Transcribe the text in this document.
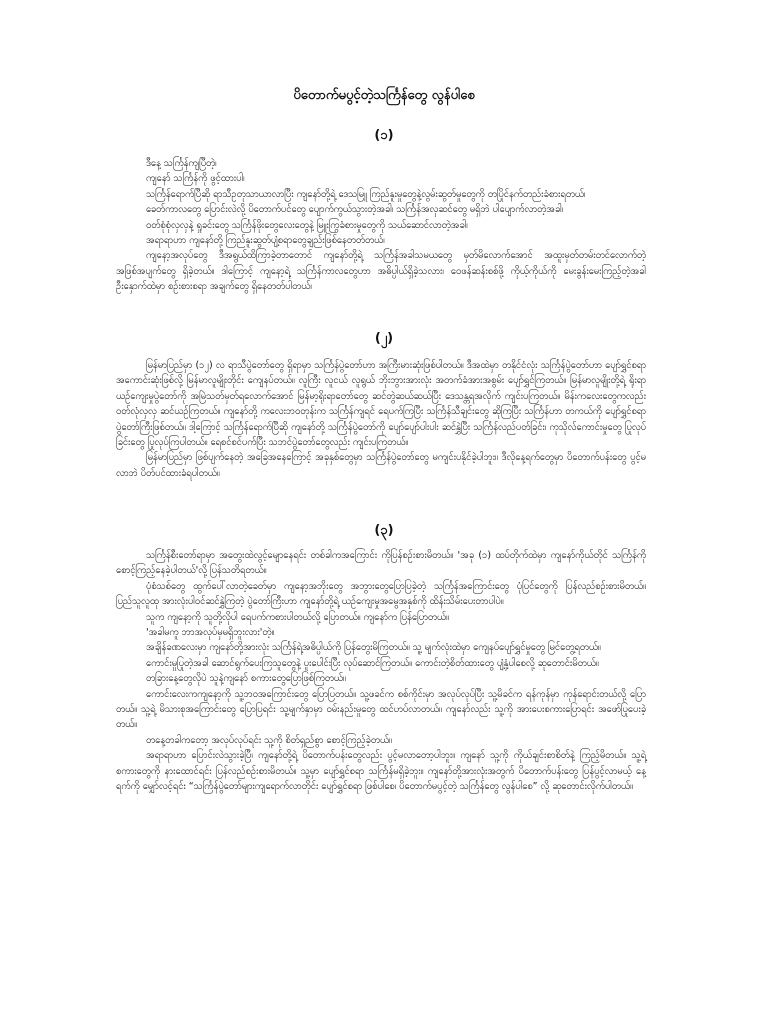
ပိတောက်မပွင့်တဲ့သင်္ကြန်တွေ လွန်ပါစေ
(၁)

ဒီနေ့ သင်္ကြန်ကျပြီတဲ့၊

ကျနော် သင်္ကြန်ကို ဖွင့်ထားပါ၊

သင်္ကြန်ရောက်ပြီဆို ရာသီဥတုသာယာလာပြီး ကျနော်တို့ရဲ့ ဒေသမြူ ကြည်နူးမှုတွေနဲ့လွမ်းဆွတ်မှုတွေကို တပြိုင်နက်တည်းခံစားရတယ်၊

ခေတ်ကာလတွေ ပြောင်းလဲလို့ ပိတောက်ပင်တွေ ပျောက်ကွယ်သွားတဲ့အခါ၊ သင်္ကြန်အလှဆင်တွေ မရှိဘဲ ပါပျောက်လာတဲ့အခါ၊

ဝတ်စုံစုံလှလှနဲ့ ရှုခင်းတွေ သင်္ကြန်ဖိုးတွေလေးတွေနဲ့ မြူးကြွခံစားမှုတွေကို သယ်ဆောင်လာတဲ့အခါ၊

အရာရာဟာ ကျနော်တို့ ကြည်နူးဆွတ်ပျံ့စရာတွေချည်းဖြစ်နေတတ်တယ်၊

ကျနော့အလုပ်တွေ ဒီအရွယ်ထိကြာခဲ့တာတောင် ကျနော်တို့ရဲ့ သင်္ကြန်အခါသမယတွေ မှတ်မိလောက်အောင် အထူးမှတ်တမ်းတင်လောက်တဲ့ အဖြစ်အပျက်တွေ ရှိခဲ့တယ်။ ဒါကြောင့် ကျနော့ရဲ့ သင်္ကြန်ကာလတွေဟာ အဓိပ္ပါယ်ရှိခဲ့သလား၊ ဝေဖန်ဆန်းစစ်ဖို့ ကိုယ့်ကိုယ်ကို မေးခွန်းမေးကြည့်တဲ့အခါ ဦးနှောက်ထဲမှာ စဉ်းစားစရာ အချက်တွေ ရှိနေတတ်ပါတယ်၊

(၂)

မြန်မာပြည်မှာ (၁၂) လ ရာသီပွဲတော်တွေ ရှိရာမှာ သင်္ကြန်ပွဲတော်ဟာ အကြီးမားဆုံးဖြစ်ပါတယ်။ ဒီအထဲမှာ တနိုင်ငံလုံး သင်္ကြန်ပွဲတော်ဟာ ပျော်ရွှင်စရာအကောင်းဆုံးဖြစ်လို့ မြန်မာလူမျိုးတိုင်း ကျေနပ်တယ်။ လူကြီး လူငယ် လူရွယ် ဘိုးဘွားအားလုံး အတက်ခံအားအစွမ်း ပျော်ရွှင်ကြတယ်။ မြန်မာလူမျိုးတို့ရဲ့ ရိုးရာယဉ်ကျေးမှုပွဲတော်ကို အမြဲသတ်မှတ်ရလောက်အောင် မြန်မာ့ရိုးရာတော်တွေ ဆင်တွဲဆယ်ဆယ်ပြီး ဒေသန္တရအလိုက် ကျင်းပကြတယ်။ မိန်းကလေးတွေကလည်း ဝတ်လုံလှလှ ဆင်ယဉ်ကြတယ်။ ကျနော်တို့ ကလေးဘဝတုန်းက သင်္ကြန်ကျရင် ရေပက်ကြပြီး သင်္ကြန်သီချင်းတွေ ဆိုကြပြီး သင်္ကြန်ဟာ တကယ်ကို ပျော်ရွှင်စရာ ပွဲတော်ကြီးဖြစ်တယ်။ ဒါ့ကြောင့် သင်္ကြန်ရောက်ပြီဆို ကျနော်တို့ သင်္ကြန်ပွဲတော်ကို ပျော်ပျော်ပါးပါး ဆင်နွှဲပြီး သင်္ကြန်လည်ပတ်ခြင်း၊ ကုသိုလ်ကောင်းမှုတွေ ပြုလုပ်ခြင်းတွေ ပြုလုပ်ကြပါတယ်။ ရေစင်စင်ပက်ပြီး သဘင်ပွဲတော်တွေလည်း ကျင်းပကြတယ်။

မြန်မာပြည်မှာ ဖြစ်ပျက်နေတဲ့ အခြေအနေကြောင့် အခုနှစ်တွေမှာ သင်္ကြန်ပွဲတော်တွေ မကျင်းပနိုင်ခဲ့ပါဘူး။ ဒီလိုနေ့ရက်တွေမှာ ပိတောက်ပန်းတွေ ပွင့်မလာဘဲ ပိတ်ပင်ထားခံရပါတယ်။

(၃)

သင်္ကြန်စီးတော်ရာမှာ အတွေးထဲလွင့်မျောနေရင်း တစ်ခါကအကြောင်း ကိုပြန်စဉ်းစားမိတယ်။ 'အခု (၁) ထပ်တိုက်ထဲမှာ ကျနော်ကိုယ်တိုင် သင်္ကြန်ကို စောင့်ကြည့်နေခဲ့ပါတယ်'လို့ ပြန်သတိရတယ်။

ပုံစံသစ်တွေ ထွက်ပေါ်လာတဲ့ခေတ်မှာ ကျနော့အဘိုးတွေ အဘွားတွေပြောပြခဲ့တဲ့ သင်္ကြန်အကြောင်းတွေ ပုံပြင်တွေကို ပြန်လည်စဉ်းစားမိတယ်။ ပြည်သူလူထု အားလုံးပါဝင်ဆင်နွှဲကြတဲ့ ပွဲတော်ကြီးဟာ ကျနော်တို့ရဲ့ ယဉ်ကျေးမှုအမွေအနှစ်ကို ထိန်းသိမ်းပေးတာပါပဲ။

သူက ကျနော့ကို သူတို့လိုပါ ရေပက်ကစားပါတယ်လို့ ပြောတယ်။ ကျနော်က ပြန်ပြောတယ်။

'အခါမကူ ဘာအလုပ်မှမရှိဘူးလား'တဲ့။

အချိန်ခဏလေးမှာ ကျနော်တို့အားလုံး သင်္ကြန်ရဲ့အဓိပ္ပါယ်ကို ပြန်တွေးမိကြတယ်။ သူ့ မျက်လုံးထဲမှာ ကျေနပ်ပျော်ရွှင်မှုတွေ မြင်တွေ့ရတယ်။

ကောင်းမှုပြုတဲ့အခါ ဆောင်ရွက်ပေးကြသူတွေနဲ့ ပူးပေါင်းပြီး လုပ်ဆောင်ကြတယ်။ ကောင်းတဲ့စိတ်ထားတွေ ပျံ့နှံ့ပါစေလို့ ဆုတောင်းမိတယ်။

တခြားနေ့တွေလိုပဲ သူနဲ့ကျနော် စကားတွေပြောဖြစ်ကြတယ်။

ကောင်းလေးကကျနော့ကို သူ့ဘဝအကြောင်းတွေ ပြောပြတယ်။ သူ့ဖခင်က စစ်ကိုင်းမှာ အလုပ်လုပ်ပြီး သူ့မိခင်က ရန်ကုန်မှာ ကုန်ရောင်းတယ်လို့ ပြောတယ်။ သူ့ရဲ့ မိသားစုအကြောင်းတွေ ပြောပြရင်း သူ့မျက်နှာမှာ ဝမ်းနည်းမှုတွေ ထင်ဟပ်လာတယ်။ ကျနော်လည်း သူ့ကို အားပေးစကားပြောရင်း အဖော်ပြုပေးခဲ့တယ်။

တနေ့တခါကတော့ အလုပ်လုပ်ရင်း သူ့ကို စိတ်ရှည်စွာ စောင့်ကြည့်ခဲ့တယ်။

အရာရာဟာ ပြောင်းလဲသွားခဲ့ပြီ၊ ကျနော်တို့ရဲ့ ပိတောက်ပန်းတွေလည်း ပွင့်မလာတော့ပါဘူး။ ကျနော် သူ့ကို ကိုယ်ချင်းစာစိတ်နဲ့ ကြည့်မိတယ်။ သူ့ရဲ့ စကားတွေကို နားထောင်ရင်း ပြန်လည်စဉ်းစားမိတယ်။ သူ့မှာ ပျော်ရွှင်စရာ သင်္ကြန်မရှိခဲ့ဘူး။ ကျနော်တို့အားလုံးအတွက် ပိတောက်ပန်းတွေ ပြန်ပွင့်လာမယ့် နေ့ရက်ကို မျှော်လင့်ရင်း “သင်္ကြန်ပွဲတော်များကျရောက်လာတိုင်း ပျော်ရွှင်စရာ ဖြစ်ပါစေ၊ ပိတောက်မပွင့်တဲ့ သင်္ကြန်တွေ လွန်ပါစေ” လို့ ဆုတောင်းလိုက်ပါတယ်။
